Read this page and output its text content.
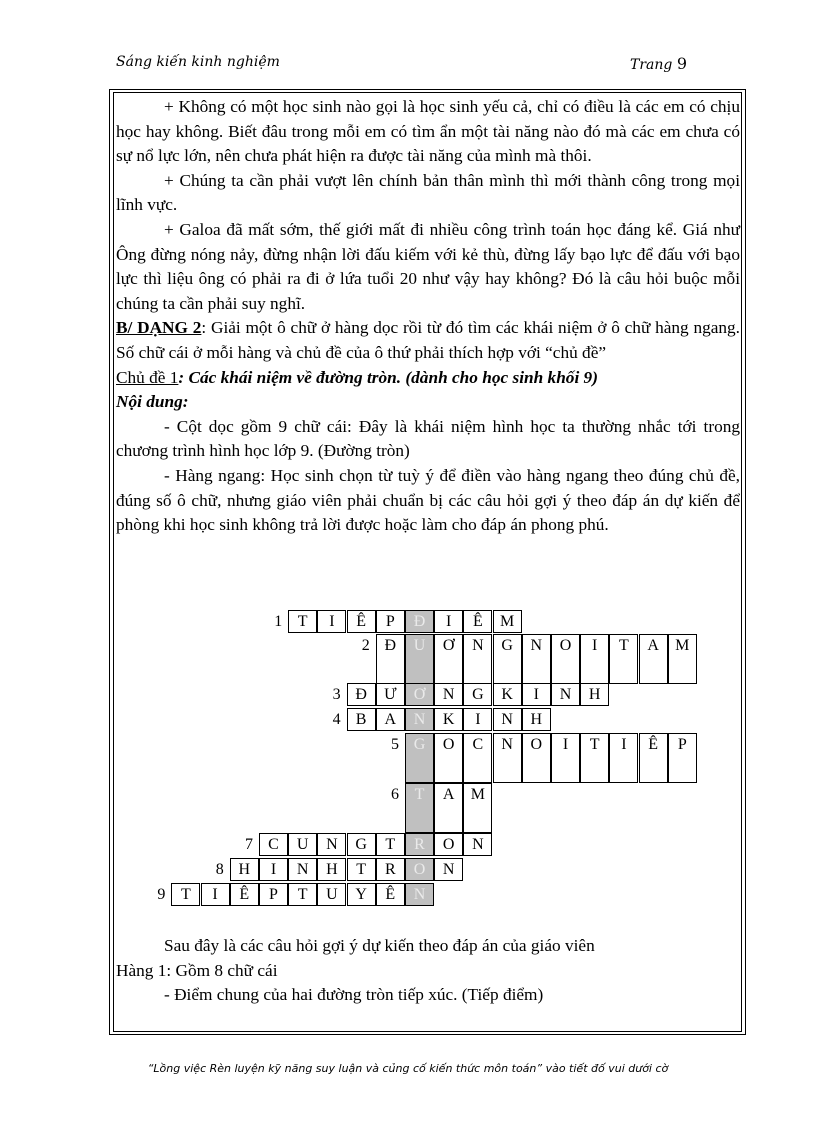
Sáng kiến kinh nghiệm	Trang 9

+ Không có một học sinh nào gọi là học sinh yếu cả, chỉ có điều là các em có chịu học hay không. Biết đâu trong mỗi em có tìm ẩn một tài năng nào đó mà các em chưa có sự nổ lực lớn, nên chưa phát hiện ra được tài năng của mình mà thôi.

+ Chúng ta cần phải vượt lên chính bản thân mình thì mới thành công trong mọi lĩnh vực.

+ Galoa đã mất sớm, thế giới mất đi nhiều công trình toán học đáng kể. Giá như Ông đừng nóng nảy, đừng nhận lời đấu kiếm với kẻ thù, đừng lấy bạo lực để đấu với bạo lực thì liệu ông có phải ra đi ở lứa tuổi 20 như vậy hay không? Đó là câu hỏi buộc mỗi chúng ta cần phải suy nghĩ.

B/ DẠNG 2: Giải một ô chữ ở hàng dọc rồi từ đó tìm các khái niệm ở ô chữ hàng ngang. Số chữ cái ở mỗi hàng và chủ đề của ô thứ phải thích hợp với “chủ đề”

Chủ đề 1: Các khái niệm về đường tròn. (dành cho học sinh khối 9)

Nội dung:

- Cột dọc gồm 9 chữ cái: Đây là khái niệm hình học ta thường nhắc tới trong chương trình hình học lớp 9. (Đường tròn)

- Hàng ngang: Học sinh chọn từ tuỳ ý để điền vào hàng ngang theo đúng chủ đề, đúng số ô chữ, nhưng giáo viên phải chuẩn bị các câu hỏi gợi ý theo đáp án dự kiến để phòng khi học sinh không trả lời được hoặc làm cho đáp án phong phú.

1 T	I	Ê	P	Đ	I	Ê	M
2 Đ	U	Ơ	N	G	N	O	I	T	A	M
3 Đ	Ư	Ơ	N	G	K	I	N	H
4 B	A	N	K	I	N	H
5 G	O	C	N	O	I	T	I	Ê	P
6 T	A	M
7 C	U	N	G	T	R	O	N
8 H	I	N	H	T	R	O	N
9 T	I	Ê	P	T	U	Y	Ê	N

Sau đây là các câu hỏi gợi ý dự kiến theo đáp án của giáo viên

Hàng 1: Gồm 8 chữ cái

- Điểm chung của hai đường tròn tiếp xúc. (Tiếp điểm)

“Lồng việc Rèn luyện kỹ năng suy luận và củng cố kiến thức môn toán” vào tiết đố vui dưới cờ
